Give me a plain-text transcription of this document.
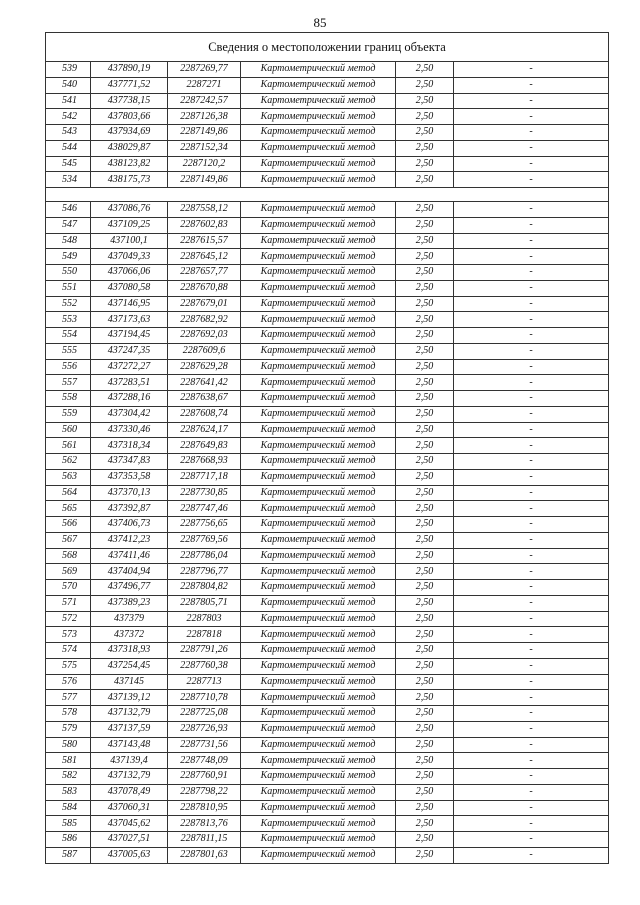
85
Сведения о местоположении границ объекта					
539	437890,19	2287269,77	Картометрический метод	2,50	-
540	437771,52	2287271	Картометрический метод	2,50	-
541	437738,15	2287242,57	Картометрический метод	2,50	-
542	437803,66	2287126,38	Картометрический метод	2,50	-
543	437934,69	2287149,86	Картометрический метод	2,50	-
544	438029,87	2287152,34	Картометрический метод	2,50	-
545	438123,82	2287120,2	Картометрический метод	2,50	-
534	438175,73	2287149,86	Картометрический метод	2,50	-

546	437086,76	2287558,12	Картометрический метод	2,50	-
547	437109,25	2287602,83	Картометрический метод	2,50	-
548	437100,1	2287615,57	Картометрический метод	2,50	-
549	437049,33	2287645,12	Картометрический метод	2,50	-
550	437066,06	2287657,77	Картометрический метод	2,50	-
551	437080,58	2287670,88	Картометрический метод	2,50	-
552	437146,95	2287679,01	Картометрический метод	2,50	-
553	437173,63	2287682,92	Картометрический метод	2,50	-
554	437194,45	2287692,03	Картометрический метод	2,50	-
555	437247,35	2287609,6	Картометрический метод	2,50	-
556	437272,27	2287629,28	Картометрический метод	2,50	-
557	437283,51	2287641,42	Картометрический метод	2,50	-
558	437288,16	2287638,67	Картометрический метод	2,50	-
559	437304,42	2287608,74	Картометрический метод	2,50	-
560	437330,46	2287624,17	Картометрический метод	2,50	-
561	437318,34	2287649,83	Картометрический метод	2,50	-
562	437347,83	2287668,93	Картометрический метод	2,50	-
563	437353,58	2287717,18	Картометрический метод	2,50	-
564	437370,13	2287730,85	Картометрический метод	2,50	-
565	437392,87	2287747,46	Картометрический метод	2,50	-
566	437406,73	2287756,65	Картометрический метод	2,50	-
567	437412,23	2287769,56	Картометрический метод	2,50	-
568	437411,46	2287786,04	Картометрический метод	2,50	-
569	437404,94	2287796,77	Картометрический метод	2,50	-
570	437496,77	2287804,82	Картометрический метод	2,50	-
571	437389,23	2287805,71	Картометрический метод	2,50	-
572	437379	2287803	Картометрический метод	2,50	-
573	437372	2287818	Картометрический метод	2,50	-
574	437318,93	2287791,26	Картометрический метод	2,50	-
575	437254,45	2287760,38	Картометрический метод	2,50	-
576	437145	2287713	Картометрический метод	2,50	-
577	437139,12	2287710,78	Картометрический метод	2,50	-
578	437132,79	2287725,08	Картометрический метод	2,50	-
579	437137,59	2287726,93	Картометрический метод	2,50	-
580	437143,48	2287731,56	Картометрический метод	2,50	-
581	437139,4	2287748,09	Картометрический метод	2,50	-
582	437132,79	2287760,91	Картометрический метод	2,50	-
583	437078,49	2287798,22	Картометрический метод	2,50	-
584	437060,31	2287810,95	Картометрический метод	2,50	-
585	437045,62	2287813,76	Картометрический метод	2,50	-
586	437027,51	2287811,15	Картометрический метод	2,50	-
587	437005,63	2287801,63	Картометрический метод	2,50	-
